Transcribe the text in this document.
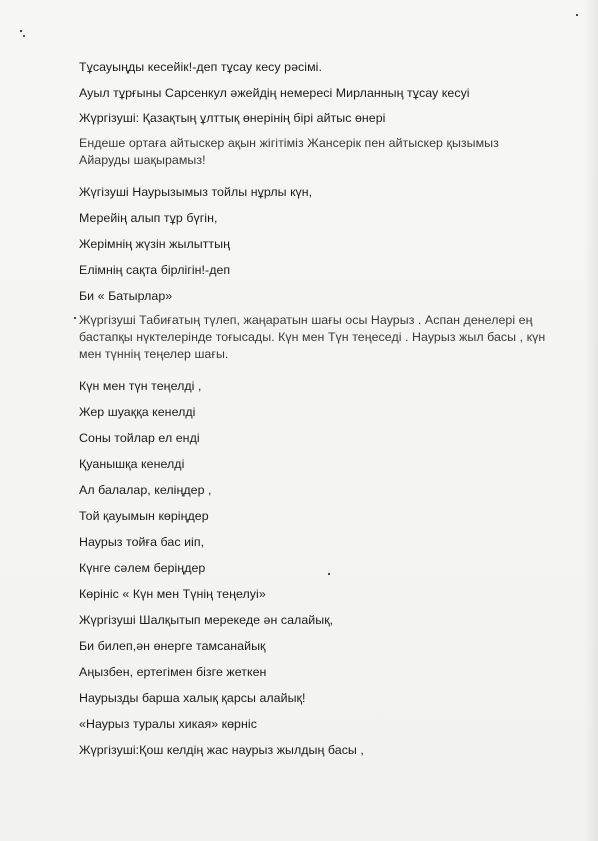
Тұсауыңды кесейік!-деп тұсау кесу рәсімі.
Ауыл тұрғыны Сарсенкул әжейдің немересі Мирланның тұсау кесуі
Жүргізуші: Қазақтың ұлттық өнерінің бірі айтыс өнері
Ендеше ортаға айтыскер ақын жігітіміз Жансерік пен айтыскер қызымыз Айаруды шақырамыз!
Жүгізуші Наурызымыз тойлы нұрлы күн,
Мерейің алып тұр бүгін,
Жерімнің жүзін жылыттың
Елімнің сақта бірлігін!-деп
Би « Батырлар»
Жүргізуші Табиғатың түлеп, жаңаратын шағы осы Наурыз . Аспан денелері ең бастапқы нүктелерінде тоғысады. Күн мен Түн теңеседі . Наурыз жыл басы , күн мен түннің теңелер шағы.
Күн мен түн теңелді ,
Жер шуаққа кенелді
Соны тойлар ел енді
Қуанышқа кенелді
Ал балалар, келіңдер ,
Той қауымын көріңдер
Наурыз тойға бас иіп,
Күнге сәлем беріңдер
Көрініс « Күн мен Түнің теңелуі»
Жүргізуші Шалқытып мерекеде ән салайық,
Би билеп,ән өнерге тамсанайық
Аңызбен, ертегімен бізге жеткен
Наурызды барша халық қарсы алайық!
«Наурыз туралы хикая» көрніс
Жүргізуші:Қош келдің жас наурыз жылдың басы ,
